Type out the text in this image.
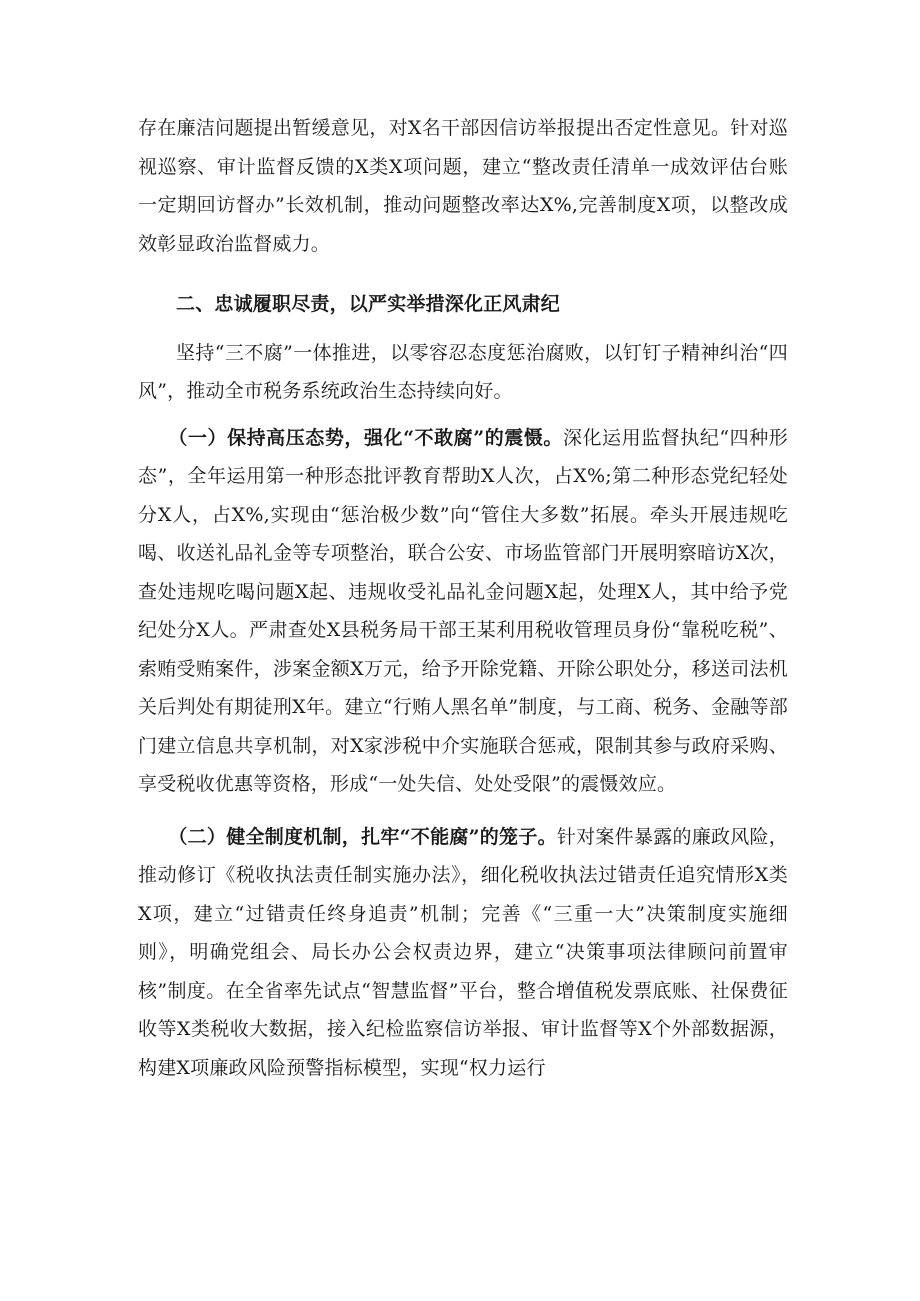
存在廉洁问题提出暂缓意见，对X名干部因信访举报提出否定性意见。针对巡视巡察、审计监督反馈的X类X项问题，建立“整改责任清单一成效评估台账一定期回访督办”长效机制，推动问题整改率达X%,完善制度X项，以整改成效彰显政治监督威力。

二、忠诚履职尽责，以严实举措深化正风肃纪

坚持“三不腐”一体推进，以零容忍态度惩治腐败，以钉钉子精神纠治“四风”，推动全市税务系统政治生态持续向好。

（一）保持高压态势，强化“不敢腐”的震慑。深化运用监督执纪“四种形态”，全年运用第一种形态批评教育帮助X人次，占X%;第二种形态党纪轻处分X人，占X%,实现由“惩治极少数”向“管住大多数”拓展。牵头开展违规吃喝、收送礼品礼金等专项整治，联合公安、市场监管部门开展明察暗访X次，查处违规吃喝问题X起、违规收受礼品礼金问题X起，处理X人，其中给予党纪处分X人。严肃查处X县税务局干部王某利用税收管理员身份“靠税吃税”、索贿受贿案件，涉案金额X万元，给予开除党籍、开除公职处分，移送司法机关后判处有期徒刑X年。建立“行贿人黑名单”制度，与工商、税务、金融等部门建立信息共享机制，对X家涉税中介实施联合惩戒，限制其参与政府采购、享受税收优惠等资格，形成“一处失信、处处受限”的震慑效应。

（二）健全制度机制，扎牢“不能腐”的笼子。针对案件暴露的廉政风险，推动修订《税收执法责任制实施办法》，细化税收执法过错责任追究情形X类X项，建立“过错责任终身追责”机制；完善《“三重一大”决策制度实施细则》，明确党组会、局长办公会权责边界，建立“决策事项法律顾问前置审核”制度。在全省率先试点“智慧监督”平台，整合增值税发票底账、社保费征收等X类税收大数据，接入纪检监察信访举报、审计监督等X个外部数据源，构建X项廉政风险预警指标模型，实现“权力运行
